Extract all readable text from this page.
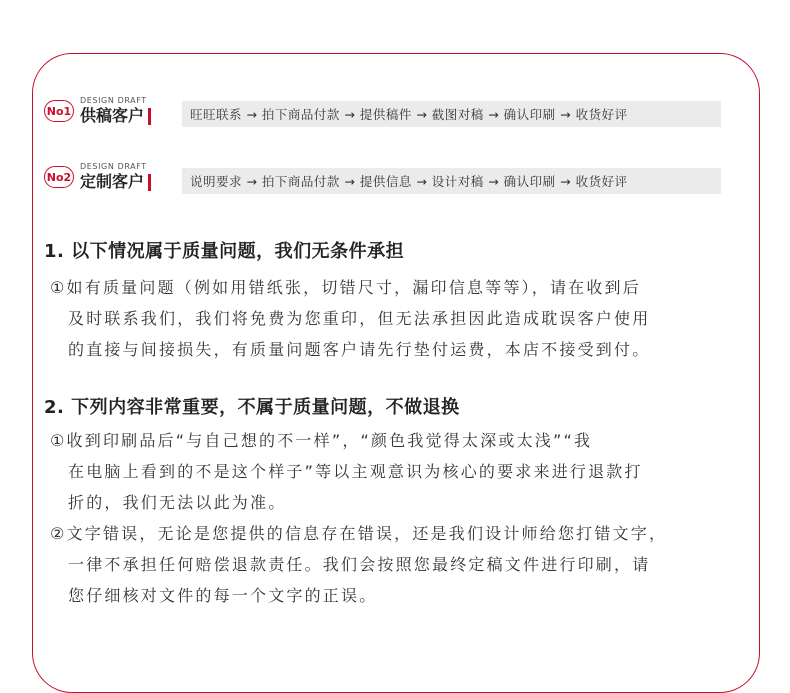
No1
DESIGN DRAFT
供稿客户	旺旺联系 → 拍下商品付款 → 提供稿件 → 截图对稿 → 确认印刷 → 收货好评
No2
DESIGN DRAFT
定制客户	说明要求 → 拍下商品付款 → 提供信息 → 设计对稿 → 确认印刷 → 收货好评
1. 以下情况属于质量问题，我们无条件承担
①如有质量问题（例如用错纸张，切错尺寸，漏印信息等等），请在收到后
及时联系我们，我们将免费为您重印，但无法承担因此造成耽误客户使用
的直接与间接损失，有质量问题客户请先行垫付运费，本店不接受到付。
2. 下列内容非常重要，不属于质量问题，不做退换
①收到印刷品后“与自己想的不一样”，“颜色我觉得太深或太浅”“我
在电脑上看到的不是这个样子”等以主观意识为核心的要求来进行退款打
折的，我们无法以此为准。
②文字错误，无论是您提供的信息存在错误，还是我们设计师给您打错文字，
一律不承担任何赔偿退款责任。我们会按照您最终定稿文件进行印刷，请
您仔细核对文件的每一个文字的正误。
